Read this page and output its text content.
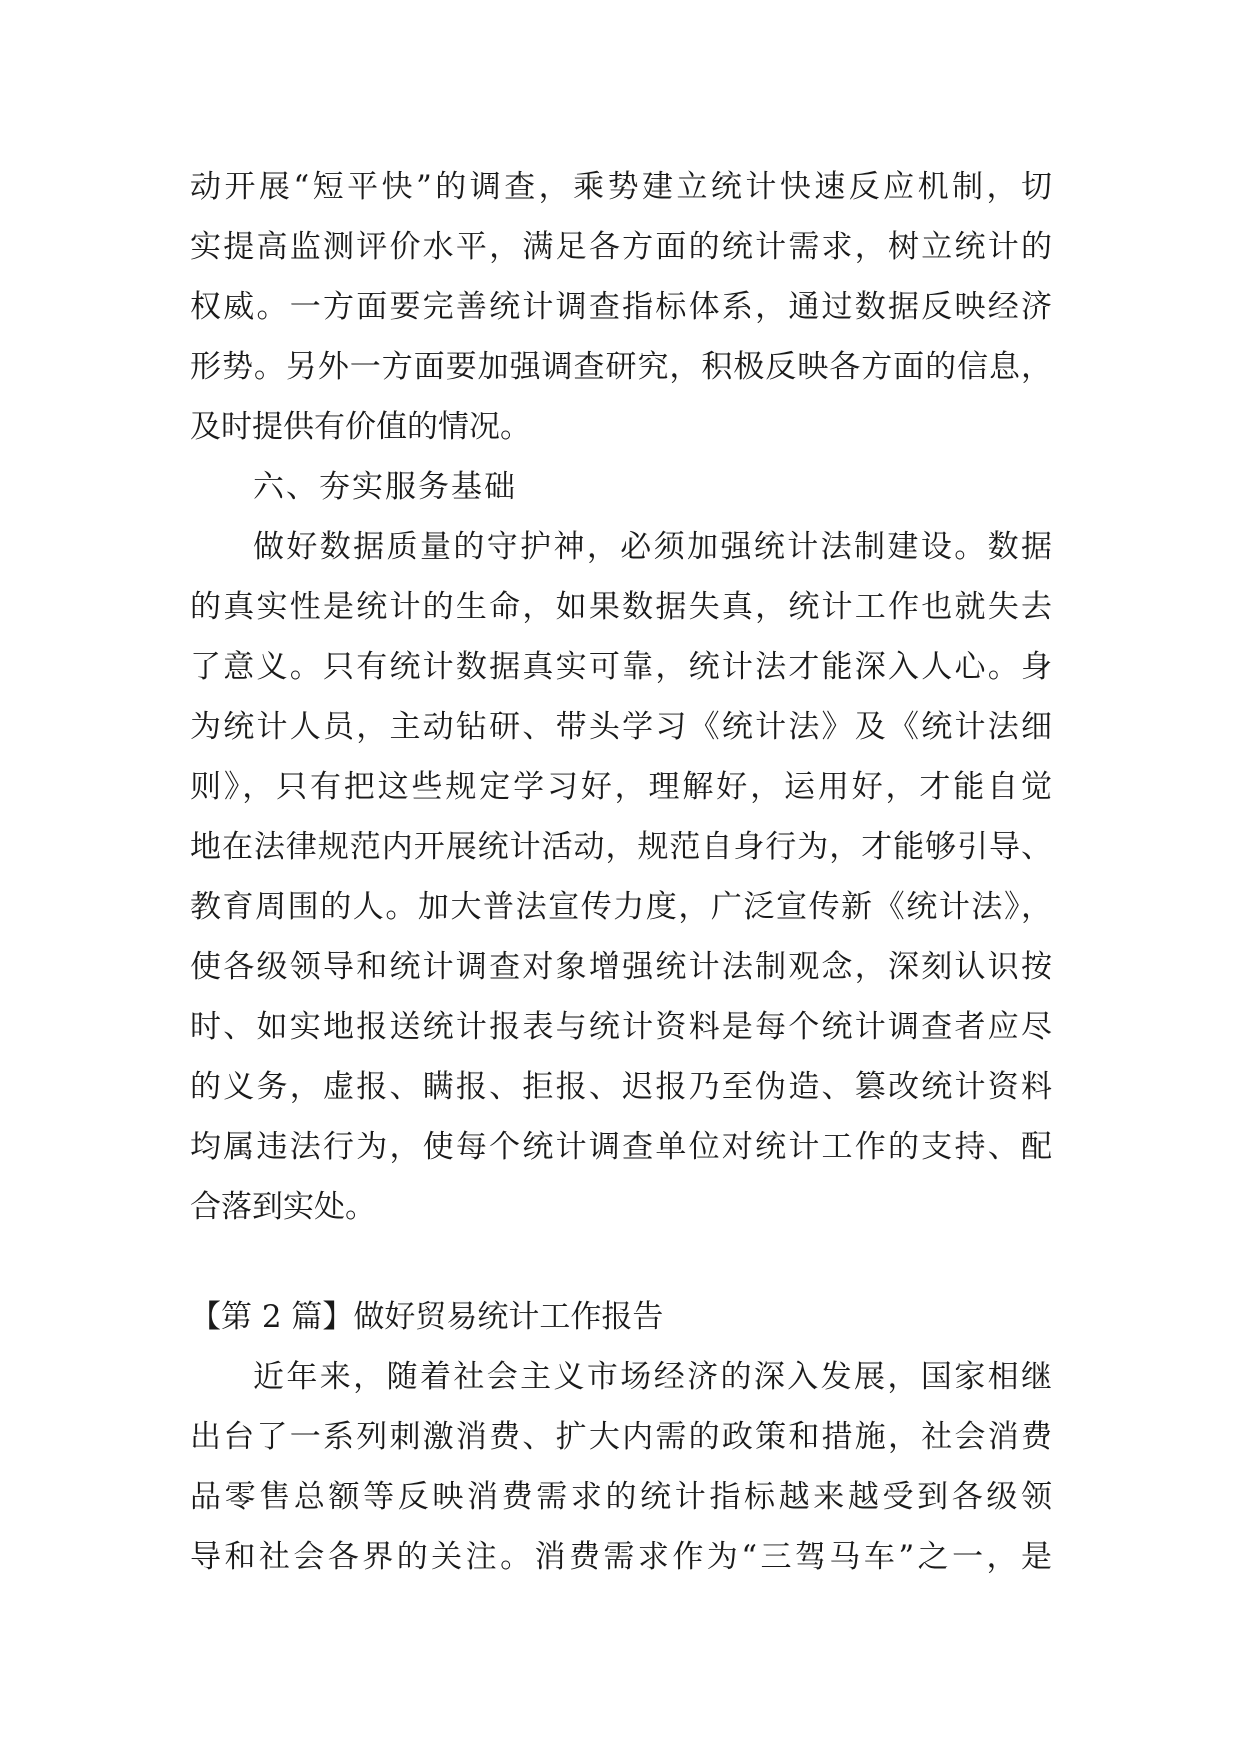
动开展“短平快”的调查，乘势建立统计快速反应机制，切
实提高监测评价水平，满足各方面的统计需求，树立统计的
权威。一方面要完善统计调查指标体系，通过数据反映经济
形势。另外一方面要加强调查研究，积极反映各方面的信息，
及时提供有价值的情况。
六、夯实服务基础
做好数据质量的守护神，必须加强统计法制建设。数据
的真实性是统计的生命，如果数据失真，统计工作也就失去
了意义。只有统计数据真实可靠，统计法才能深入人心。身
为统计人员，主动钻研、带头学习《统计法》及《统计法细
则》，只有把这些规定学习好，理解好，运用好，才能自觉
地在法律规范内开展统计活动，规范自身行为，才能够引导、
教育周围的人。加大普法宣传力度，广泛宣传新《统计法》，
使各级领导和统计调查对象增强统计法制观念，深刻认识按
时、如实地报送统计报表与统计资料是每个统计调查者应尽
的义务，虚报、瞒报、拒报、迟报乃至伪造、篡改统计资料
均属违法行为，使每个统计调查单位对统计工作的支持、配
合落到实处。
【第 2 篇】做好贸易统计工作报告
近年来，随着社会主义市场经济的深入发展，国家相继
出台了一系列刺激消费、扩大内需的政策和措施，社会消费
品零售总额等反映消费需求的统计指标越来越受到各级领
导和社会各界的关注。消费需求作为“三驾马车”之一，是
